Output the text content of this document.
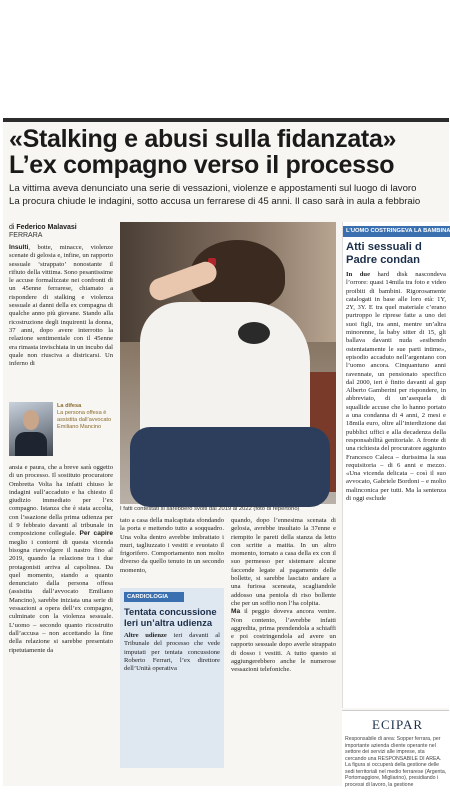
«Stalking e abusi sulla fidanzata»
L’ex compagno verso il processo
La vittima aveva denunciato una serie di vessazioni, violenze e appostamenti sul luogo di lavoro
La procura chiude le indagini, sotto accusa un ferrarese di 45 anni. Il caso sarà in aula a febbraio
di Federico Malavasi
FERRARA
Insulti, botte, minacce, violenze scenate di gelosia e, infine, un rapporto sessuale ‘strappato’ nonostante il rifiuto della vittima. Sono pesantissime le accuse formalizzate nei confronti di un 45enne ferrarese, chiamato a rispondere di stalking e violenza sessuale ai danni della ex compagna di qualche anno più giovane. Stando alla ricostruzione degli inquirenti la donna, 37 anni, dopo avere interrotto la relazione sentimentale con il 45enne era rimasta invischiata in un incubo dal quale non riusciva a districarsi. Un inferno di
La difesa
La persona offesa è assistita dall’avvocato Emiliano Mancino
ansia e paura, che a breve sarà oggetto di un processo. Il sostituto procuratore Ombretta Volta ha infatti chiuso le indagini sull’accaduto e ha chiesto il giudizio immediato per l’ex compagno. Istanza che è stata accolta, con l’ssazione della prima udienza per il 9 febbraio davanti al tribunale in composizione collegiale. Per capire meglio i contorni di questa vicenda bisogna riavvolgere il nastro fino al 2019, quando la relazione tra i due protagonisti arriva al capolinea. Da quel momento, stando a quanto denunciato dalla persona offesa (assistita dall’avvocato Emiliano Mancino), sarebbe iniziata una serie di vessazioni a opera dell’ex compagno, culminate con la violenza sessuale. L’uomo – secondo quanto ricostruito dall’accusa – non accettando la fine della relazione si sarebbe presentato ripetutamente da
I fatti contestati si sarebbero svolti dal 2019 al 2022 (foto di repertorio)
tato a casa della malcapitata sfondando la porta e mettendo tutto a soqquadro. Una volta dentro avrebbe imbrattato i muri, tagliuzzato i vestiti e svuotato il frigorifero. Comportamento non molto diverso da quello tenuto in un secondo momento,
quando, dopo l’ennesima scenata di gelosia, avrebbe insultato la 37enne e riempito le pareti della stanza da letto con scritte a matita. In un altro momento, tornato a casa della ex con il suo permesso per sistemare alcune faccende legate al pagamento delle bollette, si sarebbe lasciato andare a una furiosa sceneata, scagliandole addosso una pentola di riso bollente che per un soffio non l’ha colpita.
Ma il peggio doveva ancora venire. Non contento, l’avrebbe infatti aggredita, prima prendendola a schiaffi e poi costringendola ad avere un rapporto sessuale dopo averle strappato di dosso i vestiti. A tutto questo si aggiungerebbero anche le numerose vessazioni telefoniche.
CARDIOLOGIA
Tentata concussione Ieri un’altra udienza
Altre udienze ieri davanti al Tribunale del processo che vede imputati per tentata concussione Roberto Ferrari, l’ex direttore dell’Unità operativa
L’UOMO COSTRINGEVA LA BAMBINA
Atti sessuali d
Padre condan
In due hard disk nascondeva l’orrore: quasi 14mila tra foto e video proibiti di bambini. Rigorosamente catalogati in base alle loro età: 1Y, 2Y, 3Y. E tra quel materiale c’erano purtroppo le riprese fatte a uno dei suoi figli, tra anni, mentre un’altra minorenne, la baby sitter di 15, gli ballava davanti nuda «esibendo ostentatamente le sue parti intime», episodio accaduto nell’argentano con l’uomo ancora. Cinquantuno anni ravennate, un pensionato specifico dal 2000, ieri è finito davanti al gup Alberto Gamberini per rispondere, in abbreviato, di un’asequela di squallide accuse che lo hanno portato a una condanna di 4 anni, 2 mesi e 18mila euro, oltre all’interdizione dai pubblici uffici e alla decadenza della responsabilità genitoriale. A fronte di una richiesta del procuratore aggiunto Francesco Caleca – durissima la sua requisitoria – di 6 anni e mezzo. «Una vicenda delicata – così il suo avvocato, Gabriele Bordoni – e molto malinconica per tutti. Ma la sentenza di oggi esclude
ECIPAR
Responsabile di area: Sopper ferrara, per importante azienda cliente operante nel settore dei servizi alle imprese, sta cercando una RESPONSABILE DI AREA. La figura si occuperà della gestione delle sedi territoriali nel medio ferrarese (Argenta, Portomaggiore, Migliarino), presidiando i processi di lavoro, la gestione
